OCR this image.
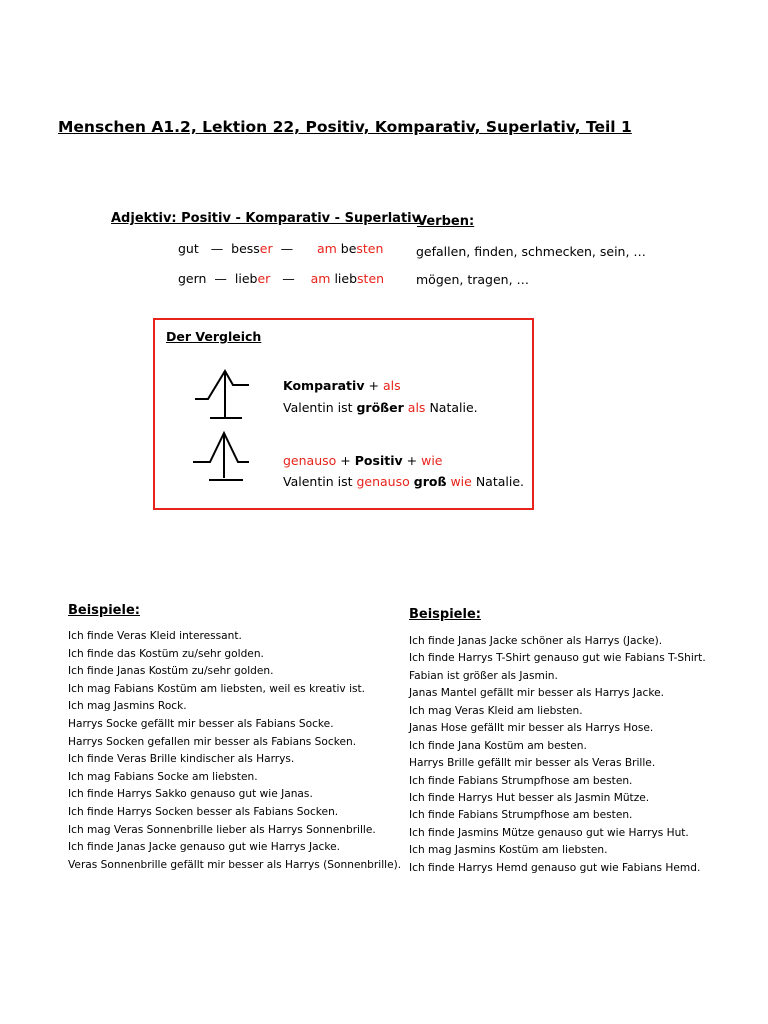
Menschen A1.2, Lektion 22, Positiv, Komparativ, Superlativ, Teil 1
Adjektiv: Positiv - Komparativ - Superlativ
gut — besser — am besten
gern — lieber — am liebsten
Verben:
gefallen, finden, schmecken, sein, …
mögen, tragen, …
Der Vergleich
Komparativ + als
Valentin ist größer als Natalie.
genauso + Positiv + wie
Valentin ist genauso groß wie Natalie.
Beispiele:
Ich finde Veras Kleid interessant.
Ich finde das Kostüm zu/sehr golden.
Ich finde Janas Kostüm zu/sehr golden.
Ich mag Fabians Kostüm am liebsten, weil es kreativ ist.
Ich mag Jasmins Rock.
Harrys Socke gefällt mir besser als Fabians Socke.
Harrys Socken gefallen mir besser als Fabians Socken.
Ich finde Veras Brille kindischer als Harrys.
Ich mag Fabians Socke am liebsten.
Ich finde Harrys Sakko genauso gut wie Janas.
Ich finde Harrys Socken besser als Fabians Socken.
Ich mag Veras Sonnenbrille lieber als Harrys Sonnenbrille.
Ich finde Janas Jacke genauso gut wie Harrys Jacke.
Veras Sonnenbrille gefällt mir besser als Harrys (Sonnenbrille).
Beispiele:
Ich finde Janas Jacke schöner als Harrys (Jacke).
Ich finde Harrys T-Shirt genauso gut wie Fabians T-Shirt.
Fabian ist größer als Jasmin.
Janas Mantel gefällt mir besser als Harrys Jacke.
Ich mag Veras Kleid am liebsten.
Janas Hose gefällt mir besser als Harrys Hose.
Ich finde Jana Kostüm am besten.
Harrys Brille gefällt mir besser als Veras Brille.
Ich finde Fabians Strumpfhose am besten.
Ich finde Harrys Hut besser als Jasmin Mütze.
Ich finde Fabians Strumpfhose am besten.
Ich finde Jasmins Mütze genauso gut wie Harrys Hut.
Ich mag Jasmins Kostüm am liebsten.
Ich finde Harrys Hemd genauso gut wie Fabians Hemd.
